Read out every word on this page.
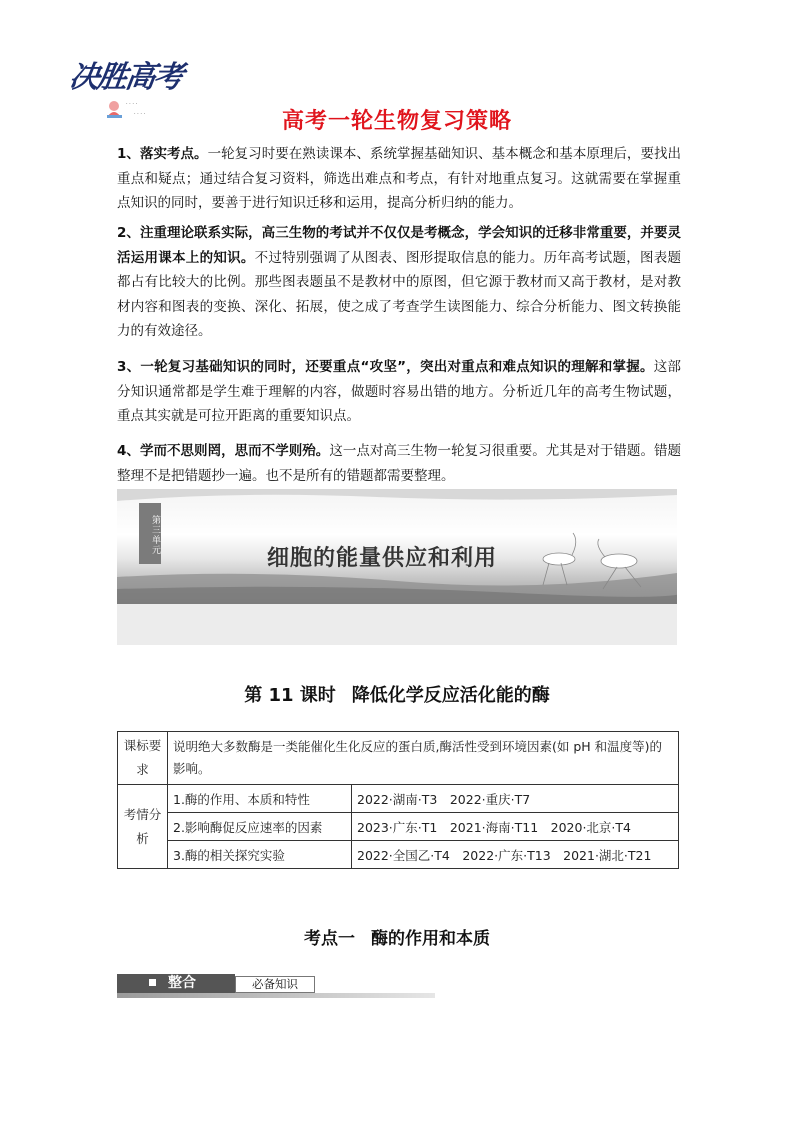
决胜高考
· · · ·
· · · ·	高考一轮生物复习策略

1、落实考点。一轮复习时要在熟读课本、系统掌握基础知识、基本概念和基本原理后，要找出重点和疑点；通过结合复习资料，筛选出难点和考点，有针对地重点复习。这就需要在掌握重点知识的同时，要善于进行知识迁移和运用，提高分析归纳的能力。

2、注重理论联系实际，高三生物的考试并不仅仅是考概念，学会知识的迁移非常重要，并要灵活运用课本上的知识。不过特别强调了从图表、图形提取信息的能力。历年高考试题，图表题都占有比较大的比例。那些图表题虽不是教材中的原图，但它源于教材而又高于教材，是对教材内容和图表的变换、深化、拓展，使之成了考查学生读图能力、综合分析能力、图文转换能力的有效途径。

3、一轮复习基础知识的同时，还要重点“攻坚”，突出对重点和难点知识的理解和掌握。这部分知识通常都是学生难于理解的内容，做题时容易出错的地方。分析近几年的高考生物试题，重点其实就是可拉开距离的重要知识点。

4、学而不思则罔，思而不学则殆。这一点对高三生物一轮复习很重要。尤其是对于错题。错题整理不是把错题抄一遍。也不是所有的错题都需要整理。

第三单元
细胞的能量供应和利用
第 11 课时 降低化学反应活化能的酶
课标要求	说明绝大多数酶是一类能催化生化反应的蛋白质,酶活性受到环境因素(如 pH 和温度等)的影响。	
考情分析	1.酶的作用、本质和特性	2022·湖南·T3　2022·重庆·T7
	2.影响酶促反应速率的因素	2023·广东·T1　2021·海南·T11　2020·北京·T4
	3.酶的相关探究实验	2022·全国乙·T4　2022·广东·T13　2021·湖北·T21
考点一 酶的作用和本质
整合	必备知识
